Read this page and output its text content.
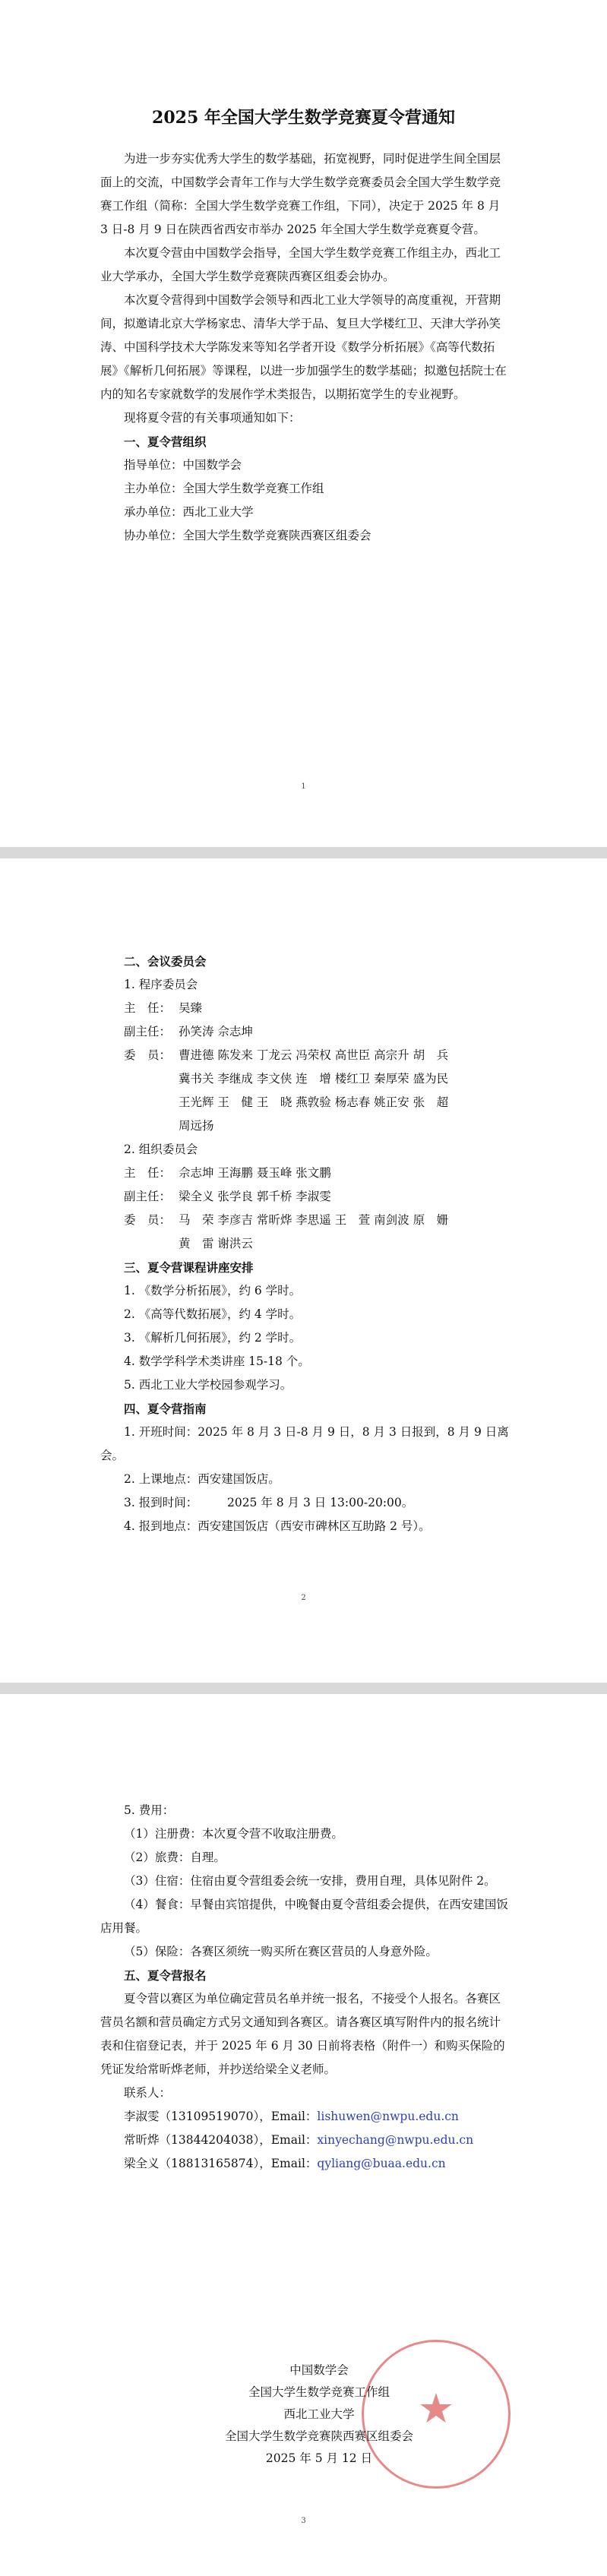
2025 年全国大学生数学竞赛夏令营通知

为进一步夯实优秀大学生的数学基础，拓宽视野，同时促进学生间全国层面上的交流，中国数学会青年工作与大学生数学竞赛委员会全国大学生数学竞赛工作组（简称：全国大学生数学竞赛工作组，下同），决定于 2025 年 8 月 3 日-8 月 9 日在陕西省西安市举办 2025 年全国大学生数学竞赛夏令营。

本次夏令营由中国数学会指导，全国大学生数学竞赛工作组主办，西北工业大学承办，全国大学生数学竞赛陕西赛区组委会协办。

本次夏令营得到中国数学会领导和西北工业大学领导的高度重视，开营期间，拟邀请北京大学杨家忠、清华大学于品、复旦大学楼红卫、天津大学孙笑涛、中国科学技术大学陈发来等知名学者开设《数学分析拓展》《高等代数拓展》《解析几何拓展》等课程，以进一步加强学生的数学基础；拟邀包括院士在内的知名专家就数学的发展作学术类报告，以期拓宽学生的专业视野。

现将夏令营的有关事项通知如下：

一、夏令营组织

指导单位：中国数学会

主办单位：全国大学生数学竞赛工作组

承办单位：西北工业大学

协办单位：全国大学生数学竞赛陕西赛区组委会

1

二、会议委员会

1. 程序委员会

主　任： 吴臻
副主任： 孙笑涛 佘志坤
委　员： 曹进德 陈发来 丁龙云 冯荣权 高世臣 高宗升 胡　兵
冀书关 李继成 李文侠 连　增 楼红卫 秦厚荣 盛为民
王光辉 王　健 王　晓 燕敦验 杨志春 姚正安 张　超
周远扬

2. 组织委员会

主　任： 佘志坤 王海鹏 聂玉峰 张文鹏
副主任： 梁全义 张学良 郭千桥 李淑雯
委　员： 马　荣 李彦吉 常昕烨 李思遥 王　萱 南剑波 原　姗
黄　雷 谢洪云

三、夏令营课程讲座安排

1. 《数学分析拓展》，约 6 学时。

2. 《高等代数拓展》，约 4 学时。

3. 《解析几何拓展》，约 2 学时。

4. 数学学科学术类讲座 15-18 个。

5. 西北工业大学校园参观学习。

四、夏令营指南

1. 开班时间：2025 年 8 月 3 日-8 月 9 日，8 月 3 日报到，8 月 9 日离会。

2. 上课地点：西安建国饭店。

3. 报到时间：　　　2025 年 8 月 3 日 13:00-20:00。

4. 报到地点：西安建国饭店（西安市碑林区互助路 2 号）。

2

5. 费用：

（1）注册费：本次夏令营不收取注册费。

（2）旅费：自理。

（3）住宿：住宿由夏令营组委会统一安排，费用自理，具体见附件 2。

（4）餐食：早餐由宾馆提供，中晚餐由夏令营组委会提供，在西安建国饭店用餐。

（5）保险：各赛区须统一购买所在赛区营员的人身意外险。

五、夏令营报名

夏令营以赛区为单位确定营员名单并统一报名，不接受个人报名。各赛区营员名额和营员确定方式另文通知到各赛区。请各赛区填写附件内的报名统计表和住宿登记表，并于 2025 年 6 月 30 日前将表格（附件一）和购买保险的凭证发给常昕烨老师，并抄送给梁全义老师。

联系人：

李淑雯（13109519070），Email：lishuwen@nwpu.edu.cn

常昕烨（13844204038），Email：xinyechang@nwpu.edu.cn

梁全义（18813165874），Email：qyliang@buaa.edu.cn

★
中国数学会
全国大学生数学竞赛工作组
西北工业大学
全国大学生数学竞赛陕西赛区组委会
2025 年 5 月 12 日
3
